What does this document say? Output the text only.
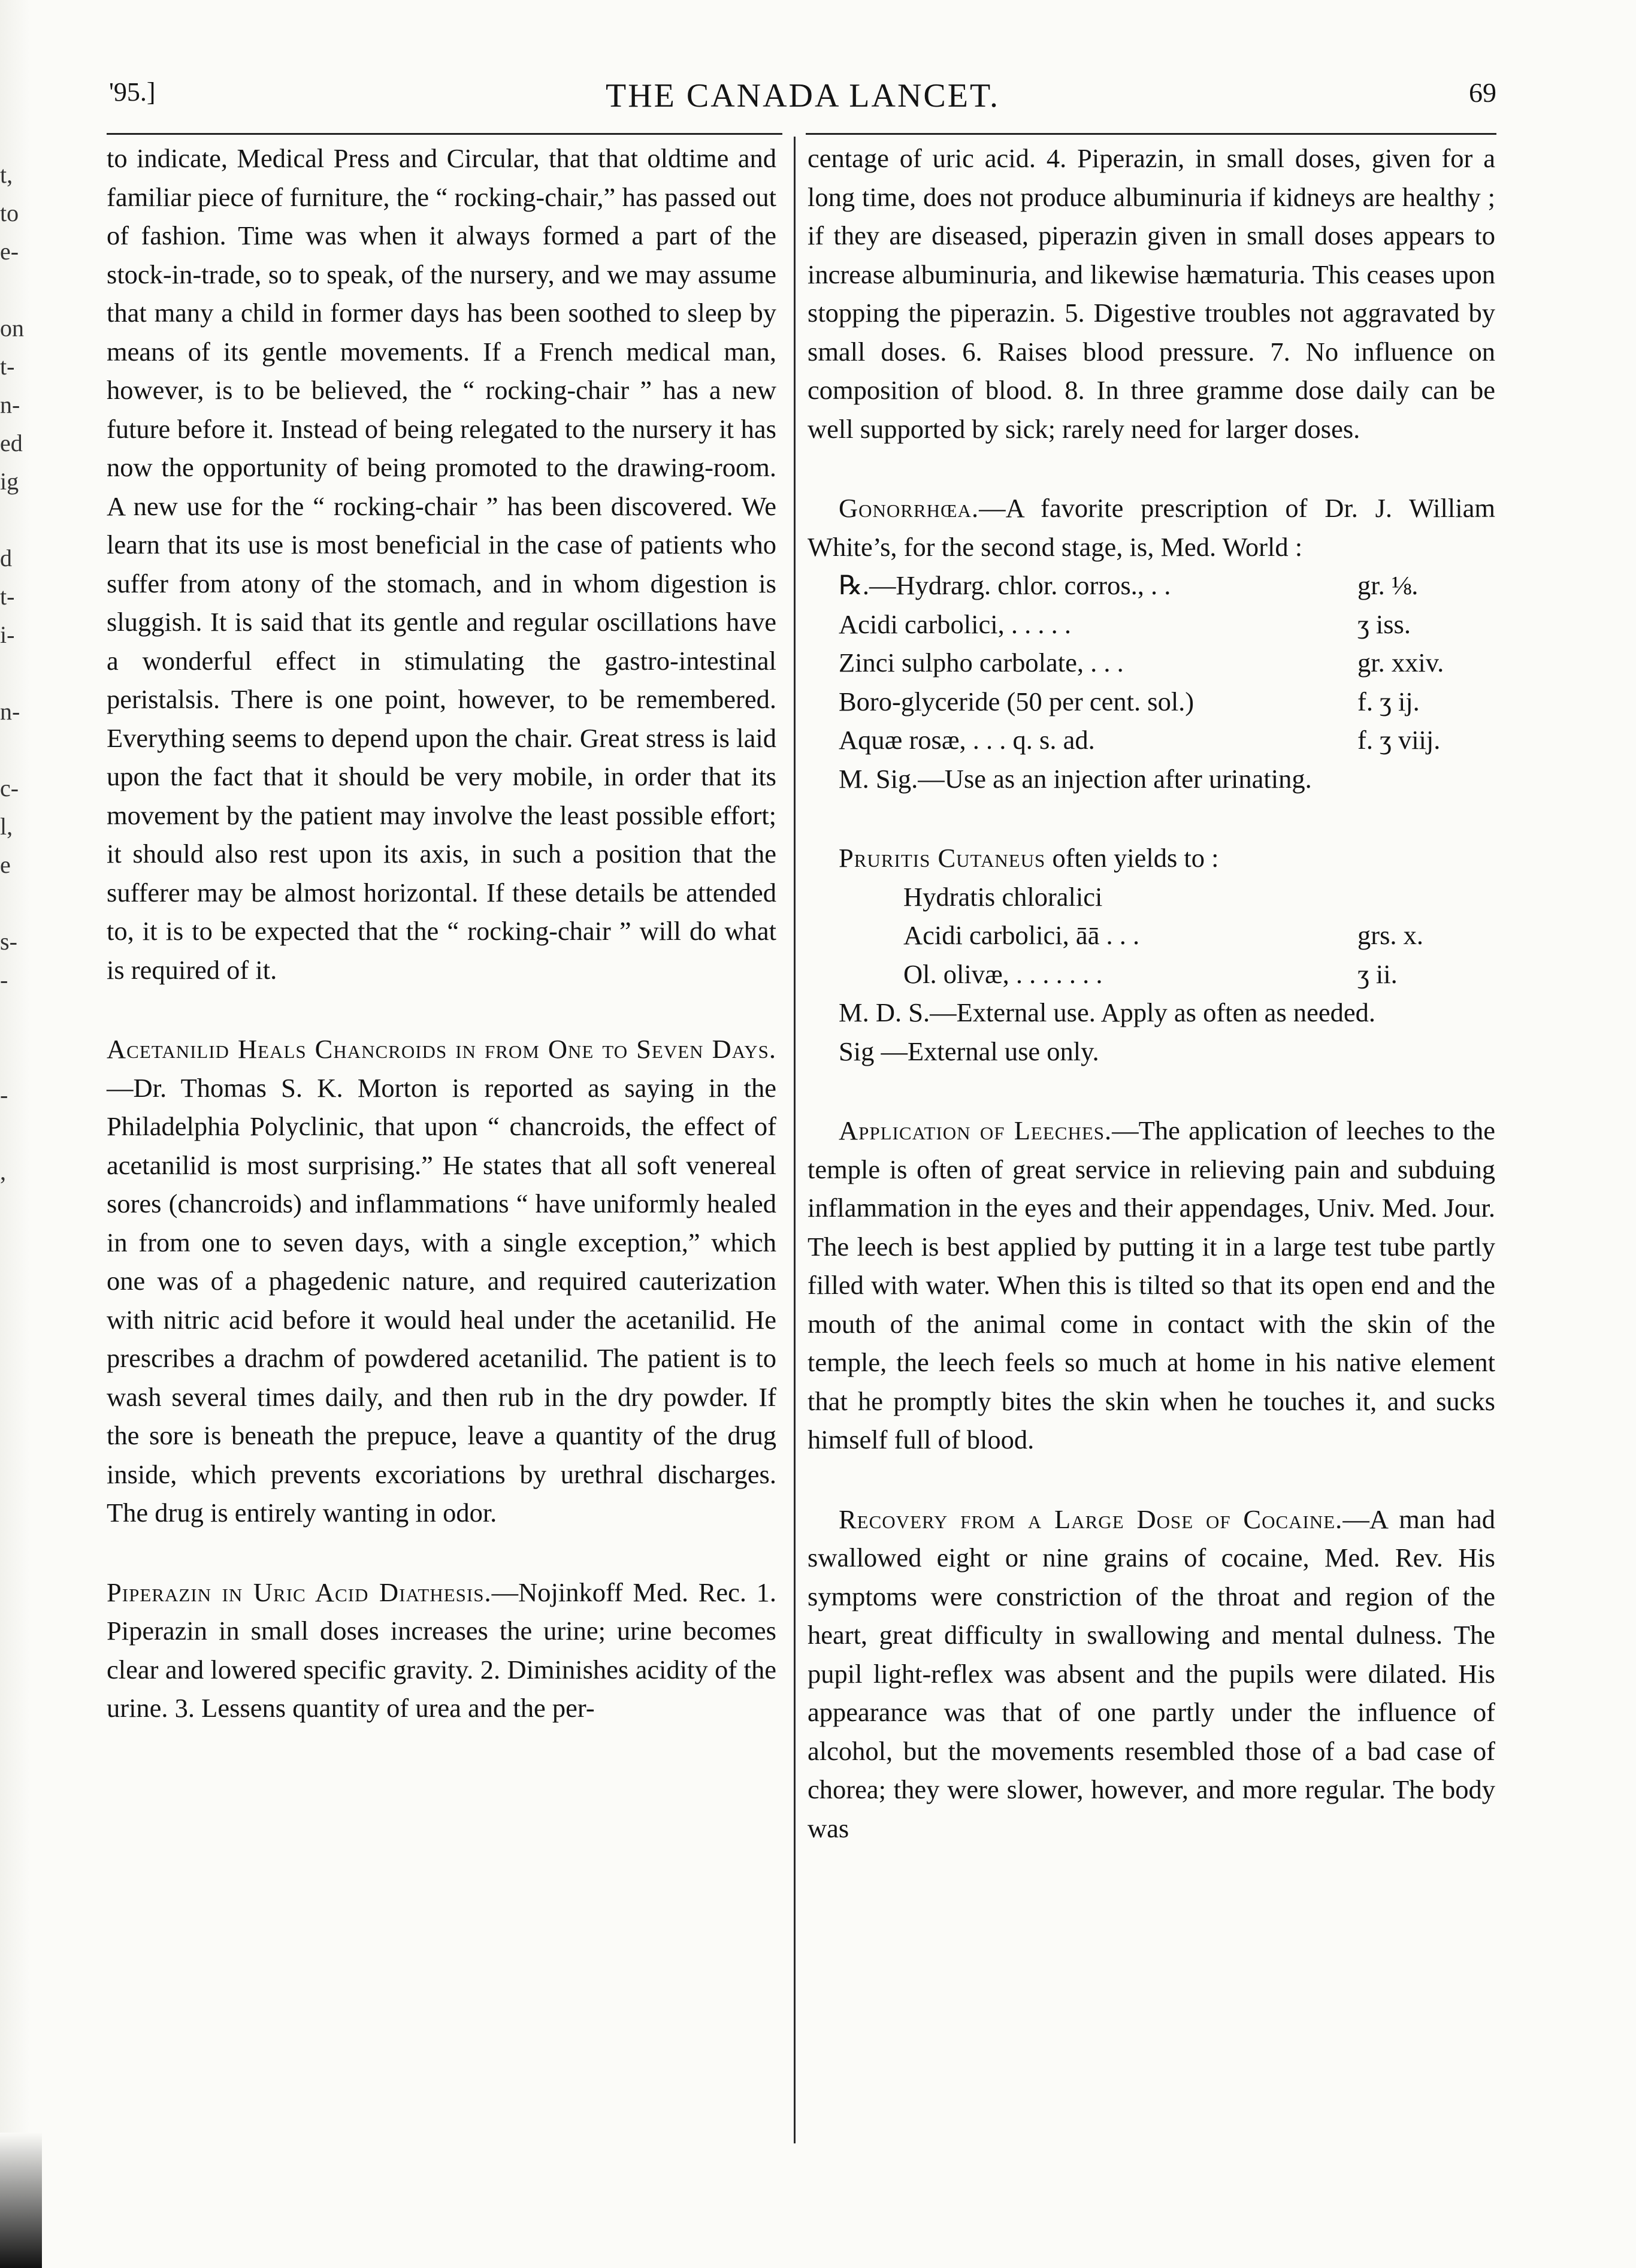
t,
to
e-
on
t-
n-
ed
ig
d
t-
i-
n-
c-
l,
e
s-
-
-
,
'95.]	THE CANADA LANCET.	69

to indicate, Medical Press and Circular, that that oldtime and familiar piece of furniture, the “ rocking-chair,” has passed out of fashion. Time was when it always formed a part of the stock-in-trade, so to speak, of the nursery, and we may assume that many a child in former days has been soothed to sleep by means of its gentle movements. If a French medical man, however, is to be believed, the “ rocking-chair ” has a new future before it. Instead of being relegated to the nursery it has now the opportunity of being promoted to the drawing-room. A new use for the “ rocking-chair ” has been discovered. We learn that its use is most beneficial in the case of patients who suffer from atony of the stomach, and in whom digestion is sluggish. It is said that its gentle and regular oscillations have a wonderful effect in stimulating the gastro-intestinal peristalsis. There is one point, however, to be remembered. Everything seems to depend upon the chair. Great stress is laid upon the fact that it should be very mobile, in order that its movement by the patient may involve the least possible effort; it should also rest upon its axis, in such a position that the sufferer may be almost horizontal. If these details be attended to, it is to be expected that the “ rocking-chair ” will do what is required of it.

Acetanilid Heals Chancroids in from One to Seven Days.—Dr. Thomas S. K. Morton is reported as saying in the Philadelphia Polyclinic, that upon “ chancroids, the effect of acetanilid is most surprising.” He states that all soft venereal sores (chancroids) and inflammations “ have uniformly healed in from one to seven days, with a single exception,” which one was of a phagedenic nature, and required cauterization with nitric acid before it would heal under the acetanilid. He prescribes a drachm of powdered acetanilid. The patient is to wash several times daily, and then rub in the dry powder. If the sore is beneath the prepuce, leave a quantity of the drug inside, which prevents excoriations by urethral discharges. The drug is entirely wanting in odor.

Piperazin in Uric Acid Diathesis.—Nojinkoff Med. Rec. 1. Piperazin in small doses increases the urine; urine becomes clear and lowered specific gravity. 2. Diminishes acidity of the urine. 3. Lessens quantity of urea and the per-

centage of uric acid. 4. Piperazin, in small doses, given for a long time, does not produce albuminuria if kidneys are healthy ; if they are diseased, piperazin given in small doses appears to increase albuminuria, and likewise hæmaturia. This ceases upon stopping the piperazin. 5. Digestive troubles not aggravated by small doses. 6. Raises blood pressure. 7. No influence on composition of blood. 8. In three gramme dose daily can be well supported by sick; rarely need for larger doses.

Gonorrhœa.—A favorite prescription of Dr. J. William White’s, for the second stage, is, Med. World :

℞.—Hydrarg. chlor. corros., . .	gr. ⅛.
Acidi carbolici, . . . . .	ʒ iss.
Zinci sulpho carbolate, . . .	gr. xxiv.
Boro-glyceride (50 per cent. sol.)	f. ʒ ij.
Aquæ rosæ, . . . q. s. ad.	f. ʒ viij.

M. Sig.—Use as an injection after urinating.

Pruritis Cutaneus often yields to :

Hydratis chloralici
Acidi carbolici, āā . . .	grs. x.
Ol. olivæ, . . . . . . .	ʒ ii.

M. D. S.—External use. Apply as often as needed.

Sig —External use only.

Application of Leeches.—The application of leeches to the temple is often of great service in relieving pain and subduing inflammation in the eyes and their appendages, Univ. Med. Jour. The leech is best applied by putting it in a large test tube partly filled with water. When this is tilted so that its open end and the mouth of the animal come in contact with the skin of the temple, the leech feels so much at home in his native element that he promptly bites the skin when he touches it, and sucks himself full of blood.

Recovery from a Large Dose of Cocaine.—A man had swallowed eight or nine grains of cocaine, Med. Rev. His symptoms were constriction of the throat and region of the heart, great difficulty in swallowing and mental dulness. The pupil light-reflex was absent and the pupils were dilated. His appearance was that of one partly under the influence of alcohol, but the movements resembled those of a bad case of chorea; they were slower, however, and more regular. The body was
